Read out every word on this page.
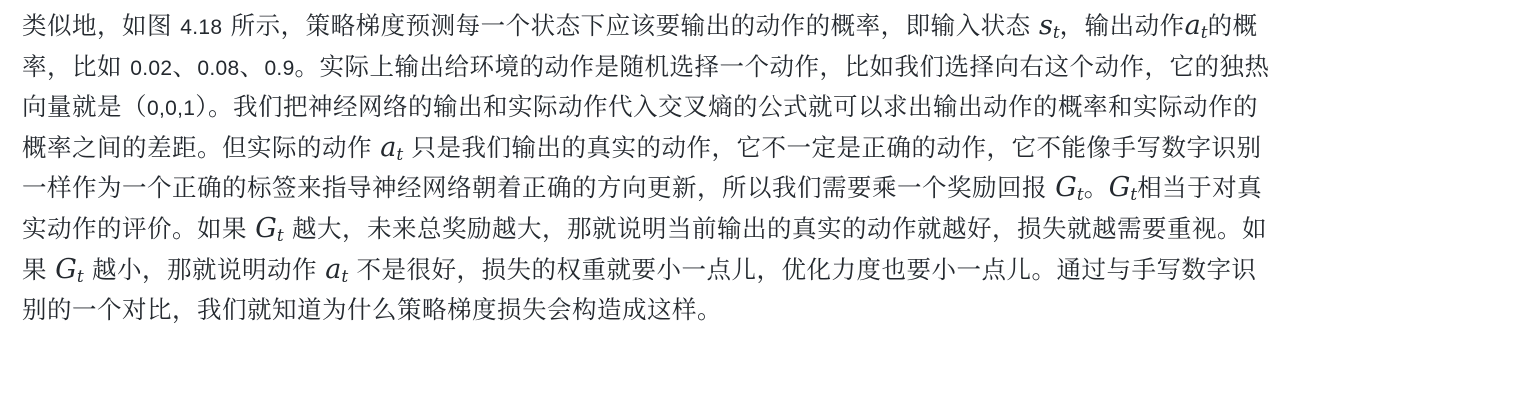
类似地，如图 4.18 所示，策略梯度预测每一个状态下应该要输出的动作的概率，即输入状态 $s_t$，输出动作$a_t$的概
率，比如 0.02、0.08、0.9。实际上输出给环境的动作是随机选择一个动作，比如我们选择向右这个动作，它的独热
向量就是（0,0,1）。我们把神经网络的输出和实际动作代入交叉熵的公式就可以求出输出动作的概率和实际动作的
概率之间的差距。但实际的动作 $a_t$ 只是我们输出的真实的动作，它不一定是正确的动作，它不能像手写数字识别
一样作为一个正确的标签来指导神经网络朝着正确的方向更新，所以我们需要乘一个奖励回报 $G_t$。$G_t$相当于对真
实动作的评价。如果 $G_t$ 越大，未来总奖励越大，那就说明当前输出的真实的动作就越好，损失就越需要重视。如
果 $G_t$ 越小，那就说明动作 $a_t$ 不是很好，损失的权重就要小一点儿，优化力度也要小一点儿。通过与手写数字识
别的一个对比，我们就知道为什么策略梯度损失会构造成这样。
